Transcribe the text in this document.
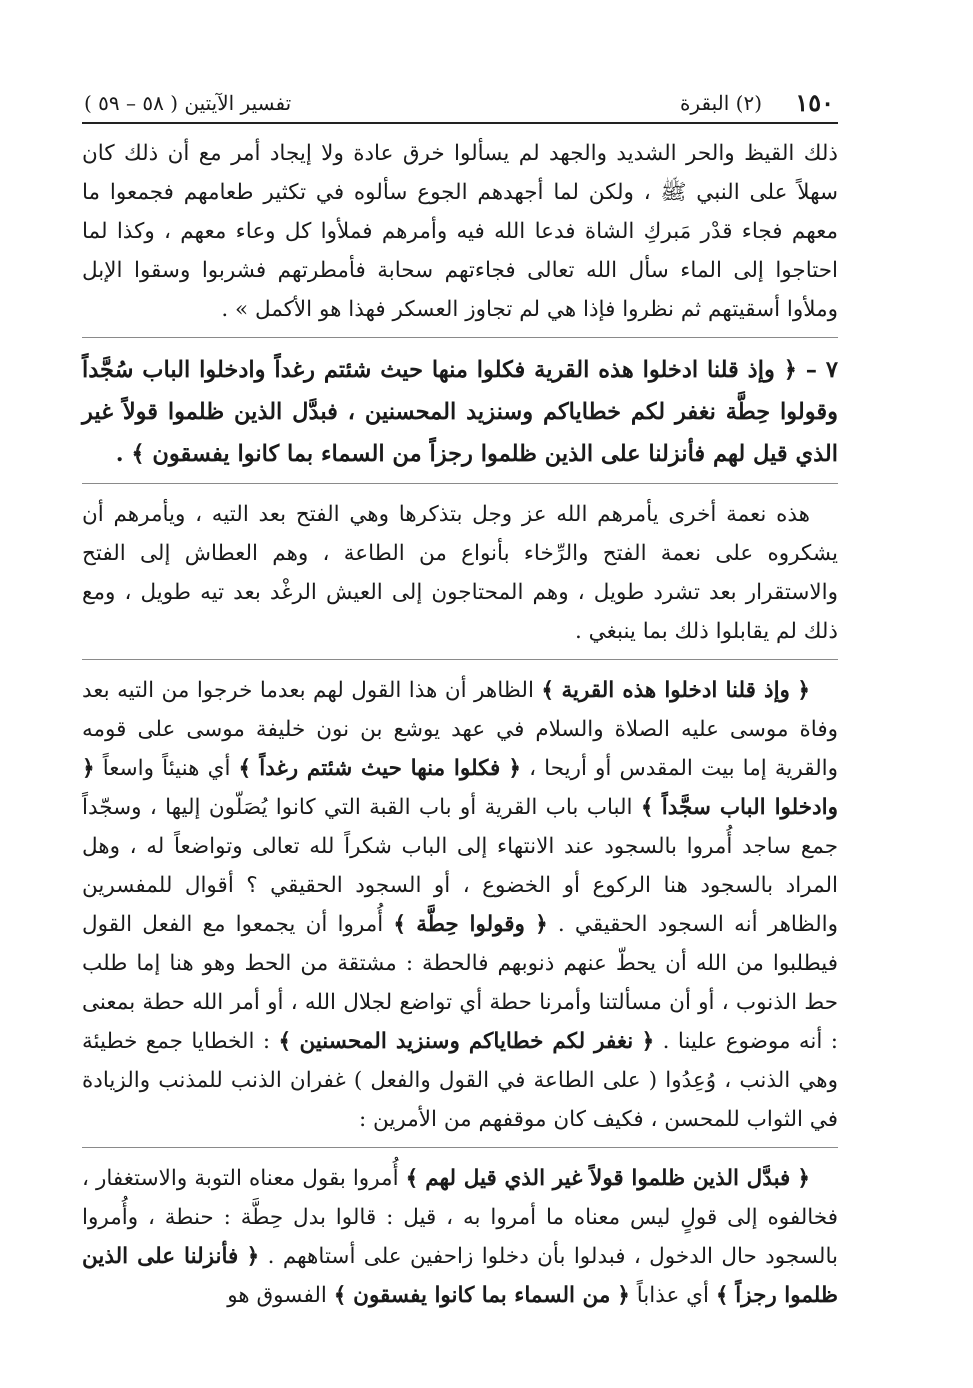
١٥٠
(٢) البقرة
تفسير الآيتين ( ٥٨ – ٥٩ )

ذلك القيظ والحر الشديد والجهد لم يسألوا خرق عادة ولا إيجاد أمر مع أن ذلك كان سهلاً على النبي ﷺ ، ولكن لما أجهدهم الجوع سألوه في تكثير طعامهم فجمعوا ما معهم فجاء قدْر مَبركِ الشاة فدعا الله فيه وأمرهم فملأوا كل وعاء معهم ، وكذا لما احتاجوا إلى الماء سأل الله تعالى فجاءتهم سحابة فأمطرتهم فشربوا وسقوا الإبل وملأوا أسقيتهم ثم نظروا فإذا هي لم تجاوز العسكر فهذا هو الأكمل » .

٧ – ﴿ وإذ قلنا ادخلوا هذه القرية فكلوا منها حيث شئتم رغداً وادخلوا الباب سُجَّداً وقولوا حِطَّة نغفر لكم خطاياكم وسنزيد المحسنين ، فبدَّل الذين ظلموا قولاً غير الذي قيل لهم فأنزلنا على الذين ظلموا رجزاً من السماء بما كانوا يفسقون ﴾ .

هذه نعمة أخرى يأمرهم الله عز وجل بتذكرها وهي الفتح بعد التيه ، ويأمرهم أن يشكروه على نعمة الفتح والرِّخاء بأنواع من الطاعة ، وهم العطاش إلى الفتح والاستقرار بعد تشرد طويل ، وهم المحتاجون إلى العيش الرغْد بعد تيه طويل ، ومع ذلك لم يقابلوا ذلك بما ينبغي .

﴿ وإذ قلنا ادخلوا هذه القرية ﴾ الظاهر أن هذا القول لهم بعدما خرجوا من التيه بعد وفاة موسى عليه الصلاة والسلام في عهد يوشع بن نون خليفة موسى على قومه والقرية إما بيت المقدس أو أريحا ، ﴿ فكلوا منها حيث شئتم رغداً ﴾ أي هنيئاً واسعاً ﴿ وادخلوا الباب سجَّداً ﴾ الباب باب القرية أو باب القبة التي كانوا يُصَلّون إليها ، وسجّداً جمع ساجد أُمروا بالسجود عند الانتهاء إلى الباب شكراً لله تعالى وتواضعاً له ، وهل المراد بالسجود هنا الركوع أو الخضوع ، أو السجود الحقيقي ؟ أقوال للمفسرين والظاهر أنه السجود الحقيقي . ﴿ وقولوا حِطَّة ﴾ أُمروا أن يجمعوا مع الفعل القول فيطلبوا من الله أن يحطّ عنهم ذنوبهم فالحطة : مشتقة من الحط وهو هنا إما طلب حط الذنوب ، أو أن مسألتنا وأمرنا حطة أي تواضع لجلال الله ، أو أمر الله حطة بمعنى : أنه موضوع علينا . ﴿ نغفر لكم خطاياكم وسنزيد المحسنين ﴾ : الخطايا جمع خطيئة وهي الذنب ، وُعِدُوا ( على الطاعة في القول والفعل ) غفران الذنب للمذنب والزيادة في الثواب للمحسن ، فكيف كان موقفهم من الأمرين :

﴿ فبدَّل الذين ظلموا قولاً غير الذي قيل لهم ﴾ أُمروا بقول معناه التوبة والاستغفار ، فخالفوه إلى قولٍ ليس معناه ما أمروا به ، قيل : قالوا بدل حِطَّة : حنطة ، وأُمروا بالسجود حال الدخول ، فبدلوا بأن دخلوا زاحفين على أستاههم . ﴿ فأنزلنا على الذين ظلموا رجزاً ﴾ أي عذاباً ﴿ من السماء بما كانوا يفسقون ﴾ الفسوق هو
